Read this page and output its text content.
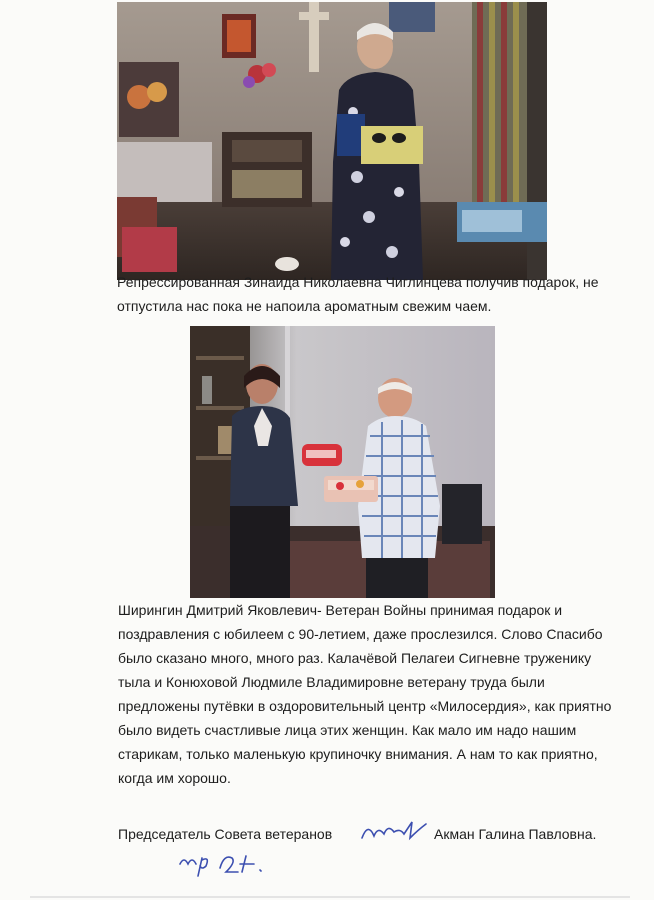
Репрессированная Зинаида Николаевна Чиглинцева получив подарок, не отпустила нас пока не напоила ароматным свежим чаем.

Ширингин Дмитрий Яковлевич- Ветеран Войны принимая подарок и поздравления с юбилеем с 90-летием, даже прослезился. Слово Спасибо было сказано много, много раз. Калачёвой Пелагеи Сигневне труженику тыла и Конюховой Людмиле Владимировне ветерану труда были предложены путёвки в оздоровительный центр «Милосердия», как приятно было видеть счастливые лица этих женщин. Как мало им надо нашим старикам, только маленькую крупиночку внимания. А нам то как приятно, когда им хорошо.

Председатель Совета ветеранов	Акман Галина Павловна.
